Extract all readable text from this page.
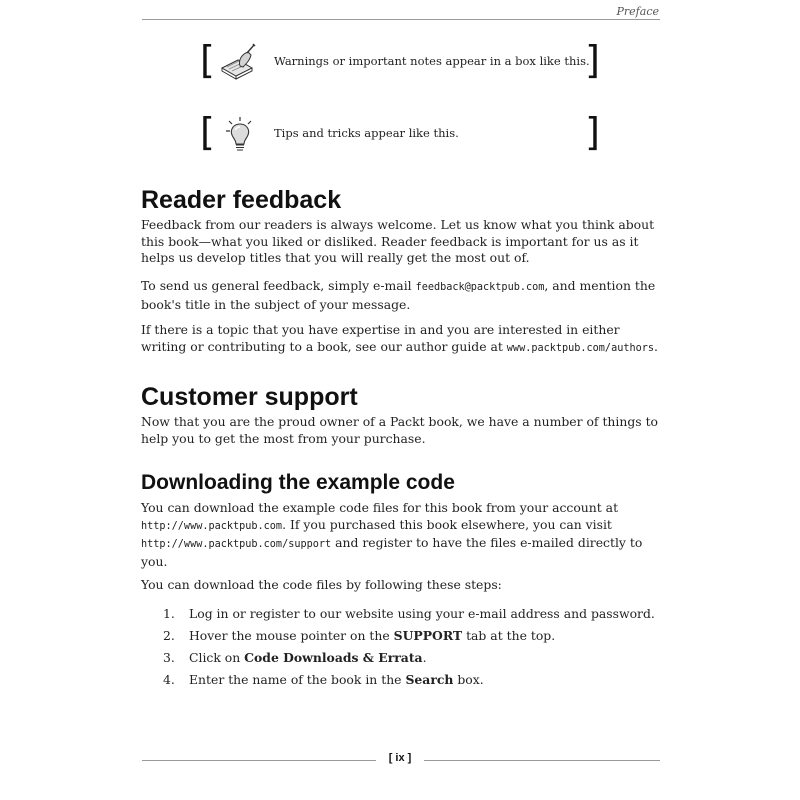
Preface
[	Warnings or important notes appear in a box like this.
]
[	Tips and tricks appear like this.	]
Reader feedback

Feedback from our readers is always welcome. Let us know what you think about this book—what you liked or disliked. Reader feedback is important for us as it helps us develop titles that you will really get the most out of.

To send us general feedback, simply e-mail feedback@packtpub.com, and mention the book's title in the subject of your message.

If there is a topic that you have expertise in and you are interested in either writing or contributing to a book, see our author guide at www.packtpub.com/authors.

Customer support

Now that you are the proud owner of a Packt book, we have a number of things to help you to get the most from your purchase.

Downloading the example code

You can download the example code files for this book from your account at http://www.packtpub.com. If you purchased this book elsewhere, you can visit http://www.packtpub.com/support and register to have the files e-mailed directly to you.

You can download the code files by following these steps:

1. Log in or register to our website using your e-mail address and password.
2. Hover the mouse pointer on the SUPPORT tab at the top.
3. Click on Code Downloads & Errata.
4. Enter the name of the book in the Search box.
[ ix ]
